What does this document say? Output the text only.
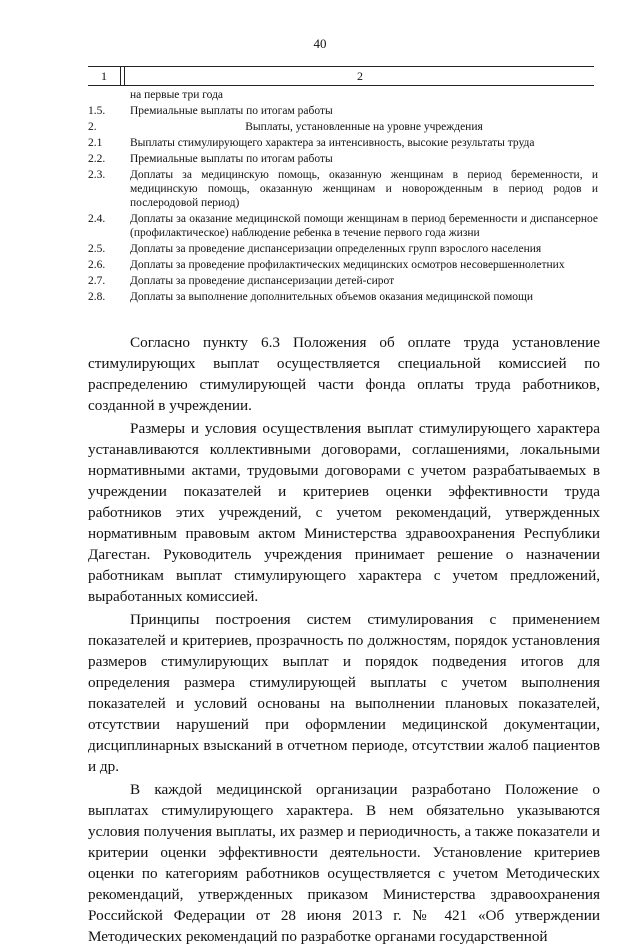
40
1	2
на первые три года
1.5.	Премиальные выплаты по итогам работы
2.	Выплаты, установленные на уровне учреждения
2.1	Выплаты стимулирующего характера за интенсивность, высокие результаты труда
2.2.	Премиальные выплаты по итогам работы
2.3.	Доплаты за медицинскую помощь, оказанную женщинам в период беременности, и медицинскую помощь, оказанную женщинам и новорожденным в период родов и послеродовой период)
2.4.	Доплаты за оказание медицинской помощи женщинам в период беременности и диспансерное (профилактическое) наблюдение ребенка в течение первого года жизни
2.5.	Доплаты за проведение диспансеризации определенных групп взрослого населения
2.6.	Доплаты за проведение профилактических медицинских осмотров несовершеннолетних
2.7.	Доплаты за проведение диспансеризации детей-сирот
2.8.	Доплаты за выполнение дополнительных объемов оказания медицинской помощи

Согласно пункту 6.3 Положения об оплате труда установление стимулирующих выплат осуществляется специальной комиссией по распределению стимулирующей части фонда оплаты труда работников, созданной в учреждении.

Размеры и условия осуществления выплат стимулирующего характера устанавливаются коллективными договорами, соглашениями, локальными нормативными актами, трудовыми договорами с учетом разрабатываемых в учреждении показателей и критериев оценки эффективности труда работников этих учреждений, с учетом рекомендаций, утвержденных нормативным правовым актом Министерства здравоохранения Республики Дагестан. Руководитель учреждения принимает решение о назначении работникам выплат стимулирующего характера с учетом предложений, выработанных комиссией.

Принципы построения систем стимулирования с применением показателей и критериев, прозрачность по должностям, порядок установления размеров стимулирующих выплат и порядок подведения итогов для определения размера стимулирующей выплаты с учетом выполнения показателей и условий основаны на выполнении плановых показателей, отсутствии нарушений при оформлении медицинской документации, дисциплинарных взысканий в отчетном периоде, отсутствии жалоб пациентов и др.

В каждой медицинской организации разработано Положение о выплатах стимулирующего характера. В нем обязательно указываются условия получения выплаты, их размер и периодичность, а также показатели и критерии оценки эффективности деятельности. Установление критериев оценки по категориям работников осуществляется с учетом Методических рекомендаций, утвержденных приказом Министерства здравоохранения Российской Федерации от 28 июня 2013 г. № 421 «Об утверждении Методических рекомендаций по разработке органами государственной
